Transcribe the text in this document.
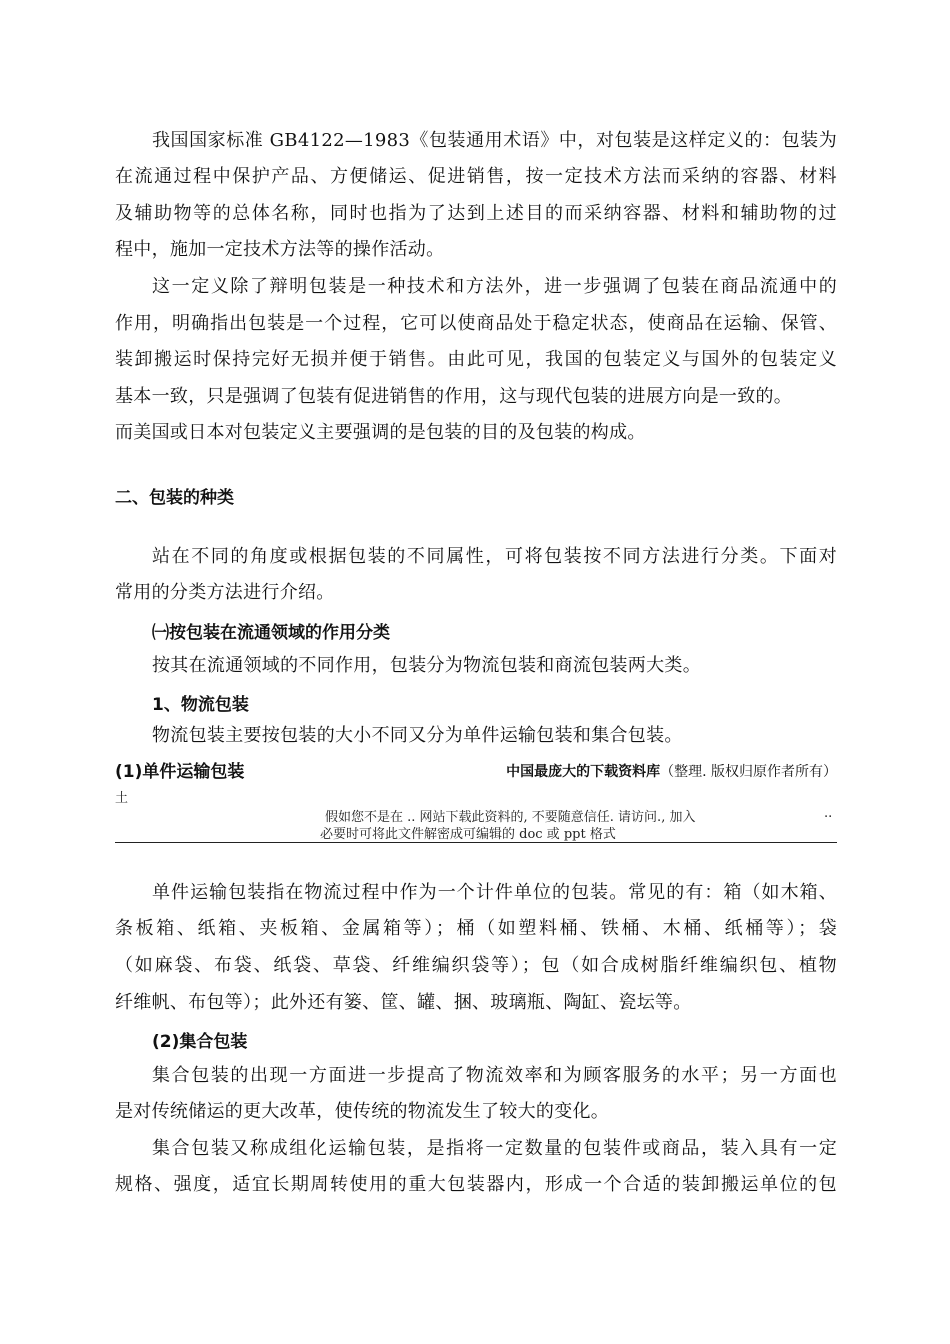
我国国家标准 GB4122—1983《包装通用术语》中，对包装是这样定义的：包装为
在流通过程中保护产品、方便储运、促进销售，按一定技术方法而采纳的容器、材料
及辅助物等的总体名称，同时也指为了达到上述目的而采纳容器、材料和辅助物的过
程中，施加一定技术方法等的操作活动。
这一定义除了辩明包装是一种技术和方法外，进一步强调了包装在商品流通中的
作用，明确指出包装是一个过程，它可以使商品处于稳定状态，使商品在运输、保管、
装卸搬运时保持完好无损并便于销售。由此可见，我国的包装定义与国外的包装定义
基本一致，只是强调了包装有促进销售的作用，这与现代包装的进展方向是一致的。
而美国或日本对包装定义主要强调的是包装的目的及包装的构成。
二、包装的种类
站在不同的角度或根据包装的不同属性，可将包装按不同方法进行分类。下面对
常用的分类方法进行介绍。
㈠按包装在流通领域的作用分类
按其在流通领域的不同作用，包装分为物流包装和商流包装两大类。
1、物流包装
物流包装主要按包装的大小不同又分为单件运输包装和集合包装。
(1)单件运输包装	中国最庞大的下载资料库（整理. 版权归原作者所有）
土
假如您不是在 .. 网站下载此资料的, 不要随意信任. 请访问., 加入	..
必要时可将此文件解密成可编辑的 doc 或 ppt 格式
单件运输包装指在物流过程中作为一个计件单位的包装。常见的有：箱（如木箱、
条板箱、纸箱、夹板箱、金属箱等）；桶（如塑料桶、铁桶、木桶、纸桶等）；袋
（如麻袋、布袋、纸袋、草袋、纤维编织袋等）；包（如合成树脂纤维编织包、植物
纤维帆、布包等）；此外还有篓、筐、罐、捆、玻璃瓶、陶缸、瓷坛等。
(2)集合包装
集合包装的出现一方面进一步提高了物流效率和为顾客服务的水平；另一方面也
是对传统储运的更大改革，使传统的物流发生了较大的变化。
集合包装又称成组化运输包装，是指将一定数量的包装件或商品，装入具有一定
规格、强度，适宜长期周转使用的重大包装器内，形成一个合适的装卸搬运单位的包
